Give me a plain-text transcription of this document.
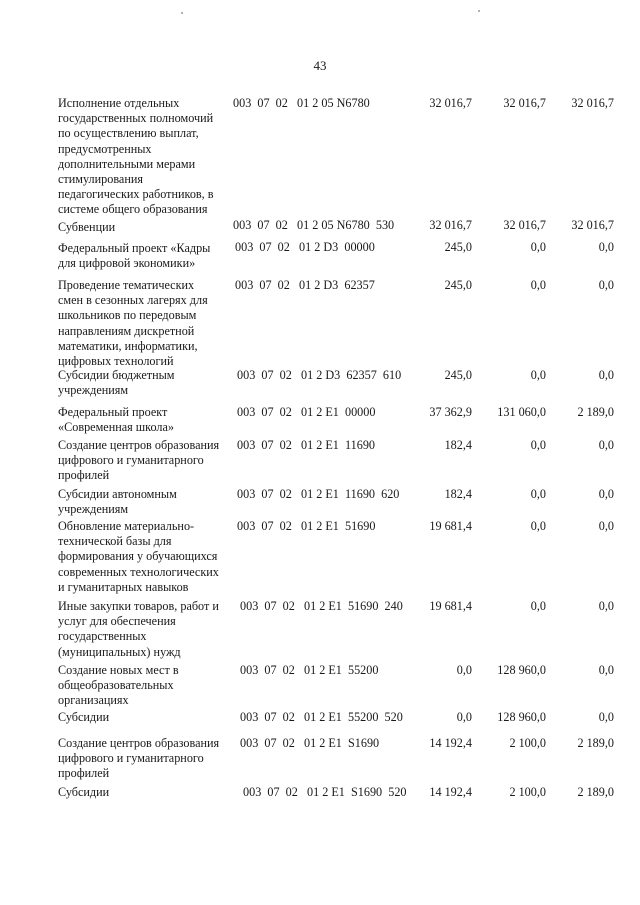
43
Исполнение отдельных
государственных полномочий
по осуществлению выплат,
предусмотренных
дополнительными мерами
стимулирования
педагогических работников, в
системе общего образования
003  07  02   01 2 05 N6780	32 016,7	32 016,7	32 016,7
Субвенции	003  07  02   01 2 05 N6780  530	32 016,7	32 016,7	32 016,7
Федеральный проект «Кадры
для цифровой экономики»
003  07  02   01 2 D3  00000	245,0	0,0	0,0
Проведение тематических
смен в сезонных лагерях для
школьников по передовым
направлениям дискретной
математики, информатики,
цифровых технологий
003  07  02   01 2 D3  62357	245,0	0,0	0,0
Субсидии бюджетным
учреждениям
003  07  02   01 2 D3  62357  610	245,0	0,0	0,0
Федеральный проект
«Современная школа»
003  07  02   01 2 E1  00000	37 362,9	131 060,0	2 189,0
Создание центров образования
цифрового и гуманитарного
профилей
003  07  02   01 2 E1  11690	182,4	0,0	0,0
Субсидии автономным
учреждениям
003  07  02   01 2 E1  11690  620	182,4	0,0	0,0
Обновление материально-
технической базы для
формирования у обучающихся
современных технологических
и гуманитарных навыков
003  07  02   01 2 E1  51690	19 681,4	0,0	0,0
Иные закупки товаров, работ и
услуг для обеспечения
государственных
(муниципальных) нужд
003  07  02   01 2 E1  51690  240	19 681,4	0,0	0,0
Создание новых мест в
общеобразовательных
организациях
003  07  02   01 2 E1  55200	0,0	128 960,0	0,0
Субсидии	003  07  02   01 2 E1  55200  520	0,0	128 960,0	0,0
Создание центров образования
цифрового и гуманитарного
профилей
003  07  02   01 2 E1  S1690	14 192,4	2 100,0	2 189,0
Субсидии	003  07  02   01 2 E1  S1690  520	14 192,4	2 100,0	2 189,0
